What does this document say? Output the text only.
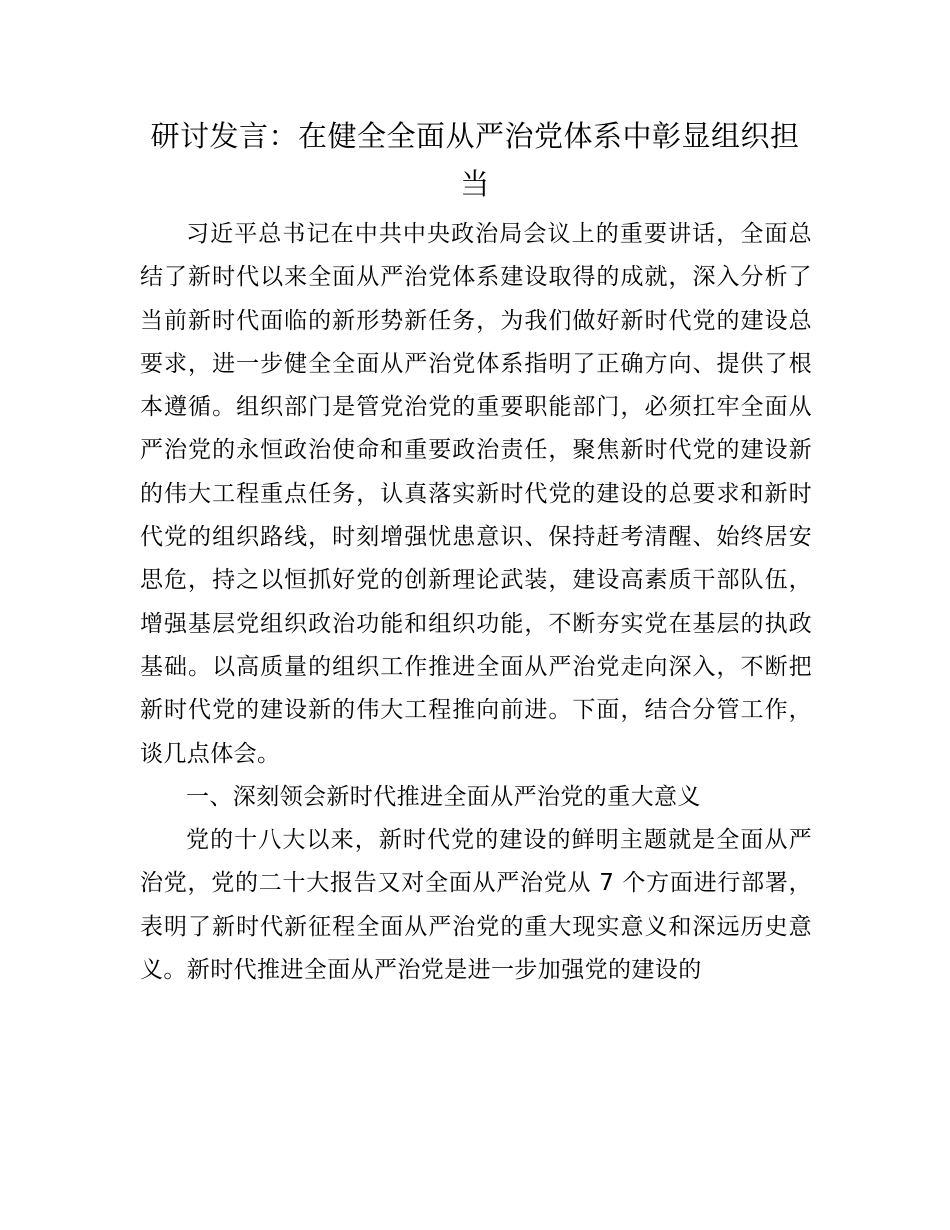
研讨发言：在健全全面从严治党体系中彰显组织担当

习近平总书记在中共中央政治局会议上的重要讲话，全面总结了新时代以来全面从严治党体系建设取得的成就，深入分析了当前新时代面临的新形势新任务，为我们做好新时代党的建设总要求，进一步健全全面从严治党体系指明了正确方向、提供了根本遵循。组织部门是管党治党的重要职能部门，必须扛牢全面从严治党的永恒政治使命和重要政治责任，聚焦新时代党的建设新的伟大工程重点任务，认真落实新时代党的建设的总要求和新时代党的组织路线，时刻增强忧患意识、保持赶考清醒、始终居安思危，持之以恒抓好党的创新理论武装，建设高素质干部队伍，增强基层党组织政治功能和组织功能，不断夯实党在基层的执政基础。以高质量的组织工作推进全面从严治党走向深入，不断把新时代党的建设新的伟大工程推向前进。下面，结合分管工作，谈几点体会。

一、深刻领会新时代推进全面从严治党的重大意义

党的十八大以来，新时代党的建设的鲜明主题就是全面从严治党，党的二十大报告又对全面从严治党从 7 个方面进行部署，表明了新时代新征程全面从严治党的重大现实意义和深远历史意义。新时代推进全面从严治党是进一步加强党的建设的
